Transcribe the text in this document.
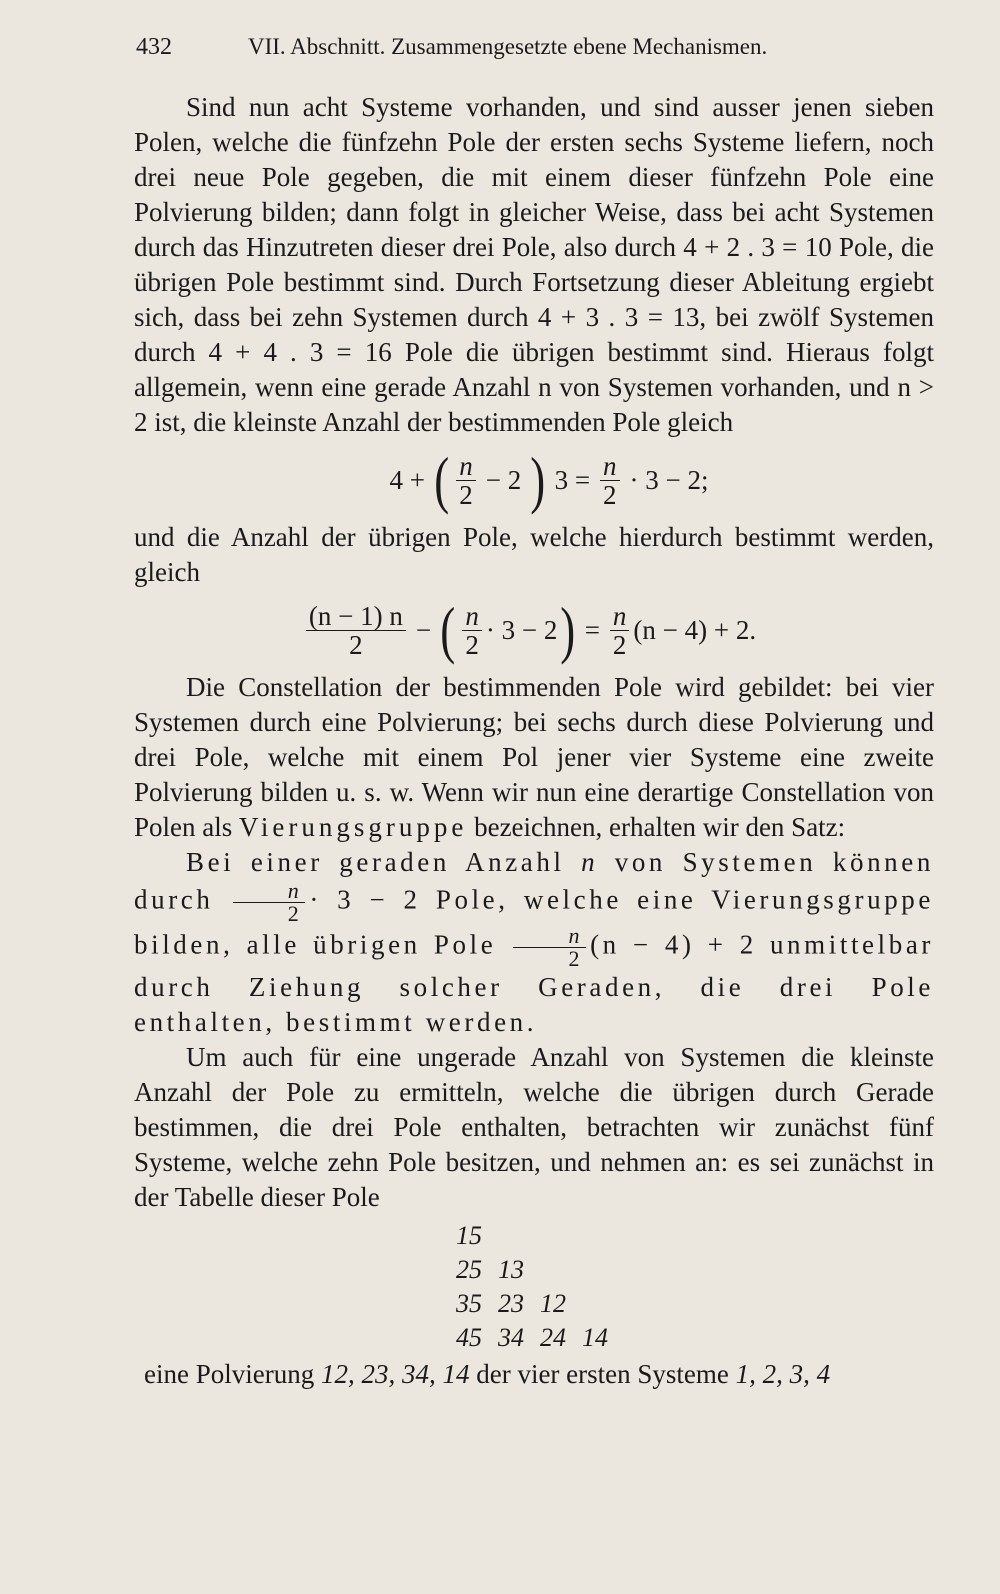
432	VII. Abschnitt. Zusammengesetzte ebene Mechanismen.

Sind nun acht Systeme vorhanden, und sind ausser jenen sieben Polen, welche die fünfzehn Pole der ersten sechs Systeme liefern, noch drei neue Pole gegeben, die mit einem dieser fünfzehn Pole eine Polvierung bilden; dann folgt in gleicher Weise, dass bei acht Systemen durch das Hinzutreten dieser drei Pole, also durch 4 + 2 . 3 = 10 Pole, die übrigen Pole bestimmt sind. Durch Fortsetzung dieser Ableitung ergiebt sich, dass bei zehn Systemen durch 4 + 3 . 3 = 13, bei zwölf Systemen durch 4 + 4 . 3 = 16 Pole die übrigen bestimmt sind. Hieraus folgt allgemein, wenn eine gerade Anzahl n von Systemen vorhanden, und n > 2 ist, die kleinste Anzahl der bestimmenden Pole gleich

4 + ( $\frac{n}{2} - 2$ ) $3 = \frac{n}{2} \cdot 3 - 2$;

und die Anzahl der übrigen Pole, welche hierdurch bestimmt werden, gleich

$\frac{(n - 1) n}{2}$ − ( $\frac{n}{2} \cdot 3 - 2$ ) = $\frac{n}{2} (n - 4) + 2$.

Die Constellation der bestimmenden Pole wird gebildet: bei vier Systemen durch eine Polvierung; bei sechs durch diese Polvierung und drei Pole, welche mit einem Pol jener vier Systeme eine zweite Polvierung bilden u. s. w. Wenn wir nun eine derartige Constellation von Polen als Vierungsgruppe bezeichnen, erhalten wir den Satz:

Bei einer geraden Anzahl n von Systemen können durch $\frac{n}{2} \cdot 3 - 2$ Pole, welche eine Vierungsgruppe bilden, alle übrigen Pole $\frac{n}{2} (n - 4) + 2$ unmittelbar durch Ziehung solcher Geraden, die drei Pole enthalten, bestimmt werden.

Um auch für eine ungerade Anzahl von Systemen die kleinste Anzahl der Pole zu ermitteln, welche die übrigen durch Gerade bestimmen, die drei Pole enthalten, betrachten wir zunächst fünf Systeme, welche zehn Pole besitzen, und nehmen an: es sei zunächst in der Tabelle dieser Pole

15
25 13
35 23 12
45 34 24 14

eine Polvierung 12, 23, 34, 14 der vier ersten Systeme 1, 2, 3, 4
